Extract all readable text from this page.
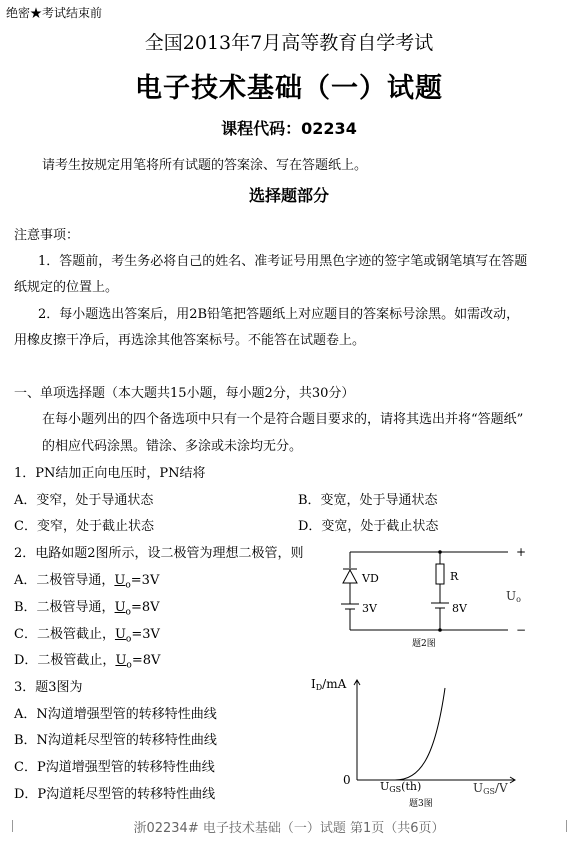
绝密★考试结束前
全国2013年7月高等教育自学考试
电子技术基础（一）试题
课程代码：02234
请考生按规定用笔将所有试题的答案涂、写在答题纸上。
选择题部分
注意事项：
1．答题前，考生务必将自己的姓名、准考证号用黑色字迹的签字笔或钢笔填写在答题
纸规定的位置上。
2．每小题选出答案后，用2B铅笔把答题纸上对应题目的答案标号涂黑。如需改动，
用橡皮擦干净后，再选涂其他答案标号。不能答在试题卷上。
一、单项选择题（本大题共15小题，每小题2分，共30分）
在每小题列出的四个备选项中只有一个是符合题目要求的，请将其选出并将“答题纸”
的相应代码涂黑。错涂、多涂或未涂均无分。
1．PN结加正向电压时，PN结将
A．变窄，处于导通状态	B．变宽，处于导通状态
C．变窄，处于截止状态	D．变宽，处于截止状态
2．电路如题2图所示，设二极管为理想二极管，则
A．二极管导通，$U_o=3V$
B．二极管导通，$U_o=8V$
C．二极管截止，$U_o=3V$
D．二极管截止，$U_o=8V$
+
−
VD	R
3V	8V
Uo
题2图
3．题3图为
A．N沟道增强型管的转移特性曲线
B．N沟道耗尽型管的转移特性曲线
C．P沟道增强型管的转移特性曲线
D．P沟道耗尽型管的转移特性曲线
ID/mA
0	UGS(th)	UGS/V
题3图
浙02234# 电子技术基础（一）试题 第1页（共6页）
